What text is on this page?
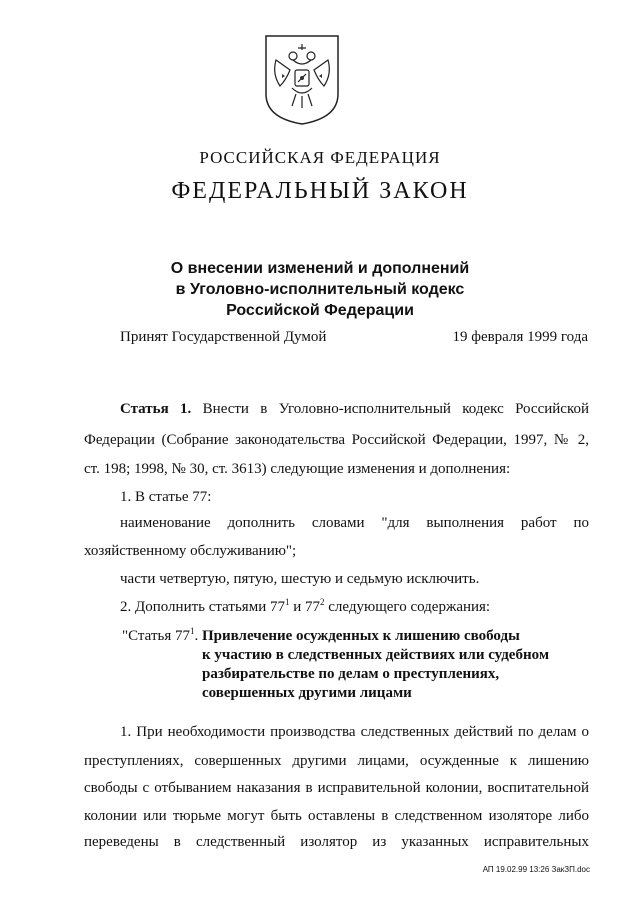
РОССИЙСКАЯ ФЕДЕРАЦИЯ
ФЕДЕРАЛЬНЫЙ ЗАКОН
О внесении изменений и дополнений
в Уголовно-исполнительный кодекс
Российской Федерации
Принят Государственной Думой	19 февраля 1999 года
Статья 1. Внести в Уголовно-исполнительный кодекс Российской
Федерации (Собрание законодательства Российской Федерации, 1997, № 2,
ст. 198; 1998, № 30, ст. 3613) следующие изменения и дополнения:
1. В статье 77:
наименование дополнить словами "для выполнения работ по
хозяйственному обслуживанию";
части четвертую, пятую, шестую и седьмую исключить.
2. Дополнить статьями $77^1$ и $77^2$ следующего содержания:
"Статья $77^1$. Привлечение осужденных к лишению свободы
к участию в следственных действиях или судебном
разбирательстве по делам о преступлениях,
совершенных другими лицами
1. При необходимости производства следственных действий по делам о
преступлениях, совершенных другими лицами, осужденные к лишению
свободы с отбыванием наказания в исправительной колонии, воспитательной
колонии или тюрьме могут быть оставлены в следственном изоляторе либо
переведены в следственный изолятор из указанных исправительных
АП 19.02.99 13:26 ЗакЗП.doc
